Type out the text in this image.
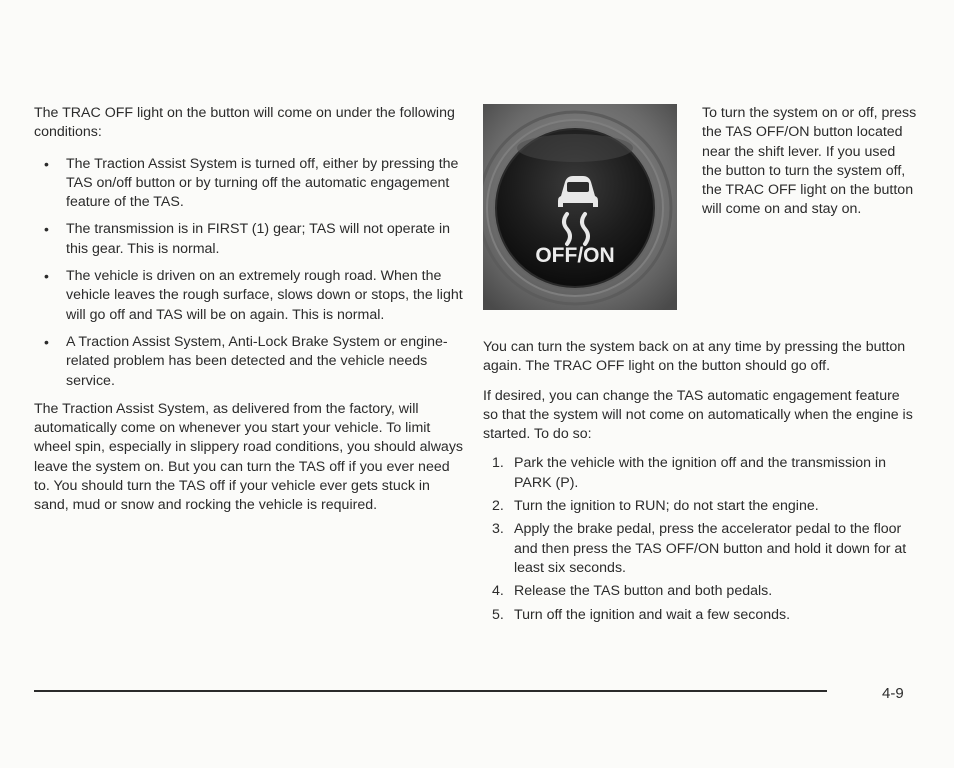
The TRAC OFF light on the button will come on under the following conditions:

• The Traction Assist System is turned off, either by pressing the TAS on/off button or by turning off the automatic engagement feature of the TAS.
• The transmission is in FIRST (1) gear; TAS will not operate in this gear. This is normal.
• The vehicle is driven on an extremely rough road. When the vehicle leaves the rough surface, slows down or stops, the light will go off and TAS will be on again. This is normal.
• A Traction Assist System, Anti-Lock Brake System or engine-related problem has been detected and the vehicle needs service.

The Traction Assist System, as delivered from the factory, will automatically come on whenever you start your vehicle. To limit wheel spin, especially in slippery road conditions, you should always leave the system on. But you can turn the TAS off if you ever need to. You should turn the TAS off if your vehicle ever gets stuck in sand, mud or snow and rocking the vehicle is required.

OFF/ON

To turn the system on or off, press the TAS OFF/ON button located near the shift lever. If you used the button to turn the system off, the TRAC OFF light on the button will come on and stay on.

You can turn the system back on at any time by pressing the button again. The TRAC OFF light on the button should go off.

If desired, you can change the TAS automatic engagement feature so that the system will not come on automatically when the engine is started. To do so:

1. Park the vehicle with the ignition off and the transmission in PARK (P).
2. Turn the ignition to RUN; do not start the engine.
3. Apply the brake pedal, press the accelerator pedal to the floor and then press the TAS OFF/ON button and hold it down for at least six seconds.
4. Release the TAS button and both pedals.
5. Turn off the ignition and wait a few seconds.
4-9
